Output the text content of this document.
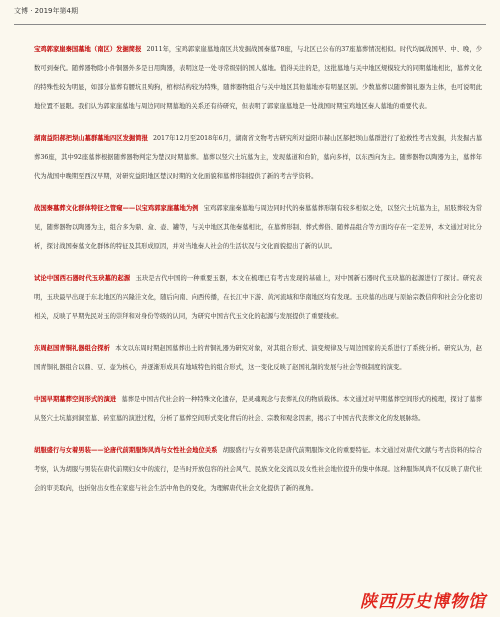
文博 · 2019年第4期

宝鸡郭家崖秦国墓地（南区）发掘简报 2011年，宝鸡郭家崖墓地南区共发掘战国秦墓78座，与北区已公布的37座墓葬情况相似。时代均属战国早、中、晚，少数可到秦代。随葬器物除小件铜器外多是日用陶器，表明这是一处寻常级别的国人墓地。值得关注的是，这批墓地与关中地区规模较大的同期墓地相比，墓葬文化的特殊性较为明显，如部分墓葬有腰坑且殉狗，棺椁结构较为特殊，随葬器物组合与关中地区其他墓地亦有明显区别。少数墓葬以随葬铜礼器为主体，也可说明此地位置不显眼。我们认为郭家崖墓地与周边同时期墓地的关系还有待研究，但表明了郭家崖墓地是一处战国时期宝鸡地区秦人墓地的重要代表。

湖南益阳郝把坝山墓群墓地四区发掘简报 2017年12月至2018年6月，湖南省文物考古研究所对益阳市赫山区郝把坝山墓群进行了抢救性考古发掘，共发掘古墓葬36座，其中92座墓葬根据随葬器物判定为楚汉时期墓葬。墓葬以竖穴土坑墓为主，发现墓道和台阶，墓向多样，以东西向为主。随葬器物以陶器为主，墓葬年代为战国中晚期至西汉早期，对研究益阳地区楚汉时期的文化面貌和墓葬形制提供了新的考古学资料。

战国秦墓葬文化群体特征之管窥——以宝鸡郭家崖墓地为例 宝鸡郭家崖秦墓地与周边同时代的秦墓墓葬形制有较多相似之处，以竖穴土坑墓为主，屈肢葬较为常见，随葬器物以陶器为主，组合多为鼎、盒、壶、罐等，与关中地区其他秦墓相比，在墓葬形制、葬式葬俗、随葬品组合等方面均存在一定差异，本文通过对比分析，探讨战国秦墓文化群体的特征及其形成原因，并对当地秦人社会的生活状况与文化面貌提出了新的认识。

试论中国西石器时代玉玦墓的起源 玉玦是古代中国的一种重要玉器，本文在梳理已有考古发现的基础上，对中国新石器时代玉玦墓的起源进行了探讨。研究表明，玉玦最早出现于东北地区的兴隆洼文化，随后向南、向西传播，在长江中下游、黄河流域和华南地区均有发现。玉玦墓的出现与原始宗教信仰和社会分化密切相关，反映了早期先民对玉的崇拜和对身份等级的认同，为研究中国古代玉文化的起源与发展提供了重要线索。

东周赵国青铜礼器组合探析 本文以东周时期赵国墓葬出土的青铜礼器为研究对象，对其组合形式、演变规律及与周边国家的关系进行了系统分析。研究认为，赵国青铜礼器组合以鼎、豆、壶为核心，并逐渐形成具有地域特色的组合形式，这一变化反映了赵国礼制的发展与社会等级制度的演变。

中国早期墓葬空间形式的演进 墓葬是中国古代社会的一种特殊文化遗存，是灵魂观念与丧葬礼仪的物质载体。本文通过对早期墓葬空间形式的梳理，探讨了墓葬从竖穴土坑墓到洞室墓、砖室墓的演进过程，分析了墓葬空间形式变化背后的社会、宗教和观念因素，揭示了中国古代丧葬文化的发展脉络。

胡服盛行与女着男装——论唐代前期服饰风尚与女性社会地位关系 胡服盛行与女着男装是唐代前期服饰文化的重要特征。本文通过对唐代文献与考古资料的综合考察，认为胡服与男装在唐代前期妇女中的流行，是当时开放包容的社会风气、民族文化交流以及女性社会地位提升的集中体现。这种服饰风尚不仅反映了唐代社会的审美取向，也折射出女性在家庭与社会生活中角色的变化，为理解唐代社会文化提供了新的视角。

陕西历史博物馆
